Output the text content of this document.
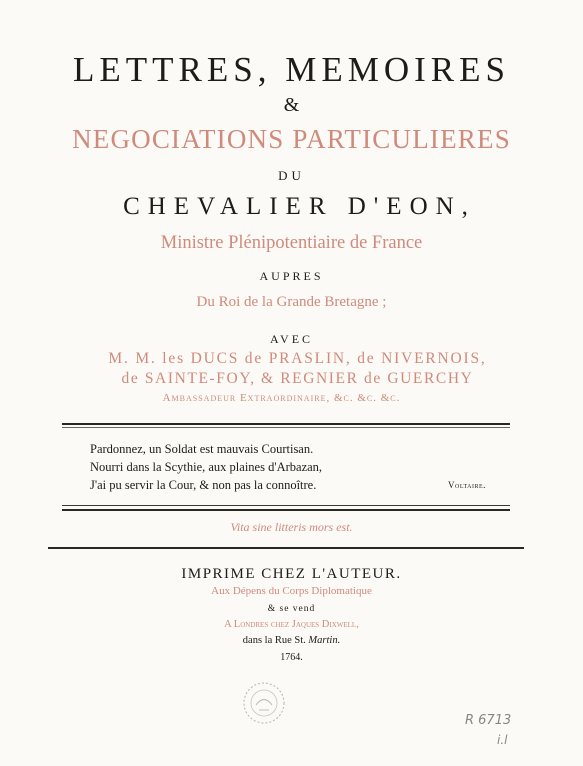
LETTRES, MEMOIRES
&
NEGOCIATIONS PARTICULIERES
DU
CHEVALIER D'EON,
Ministre Plénipotentiaire de France
AUPRES
Du Roi de la Grande Bretagne ;
AVEC
M. M. les DUCS de PRASLIN, de NIVERNOIS,
de SAINTE-FOY, & REGNIER de GUERCHY
Ambassadeur Extraordinaire, &c. &c. &c.
Pardonnez, un Soldat est mauvais Courtisan.
Nourri dans la Scythie, aux plaines d'Arbazan,
J'ai pu servir la Cour, & non pas la connoître.	Voltaire.
Vita sine litteris mors est.
IMPRIME CHEZ L'AUTEUR.
Aux Dépens du Corps Diplomatique
& se vend
A Londres chez Jaques Dixwell,
dans la Rue St. Martin.
1764.
R 6713
i.l
